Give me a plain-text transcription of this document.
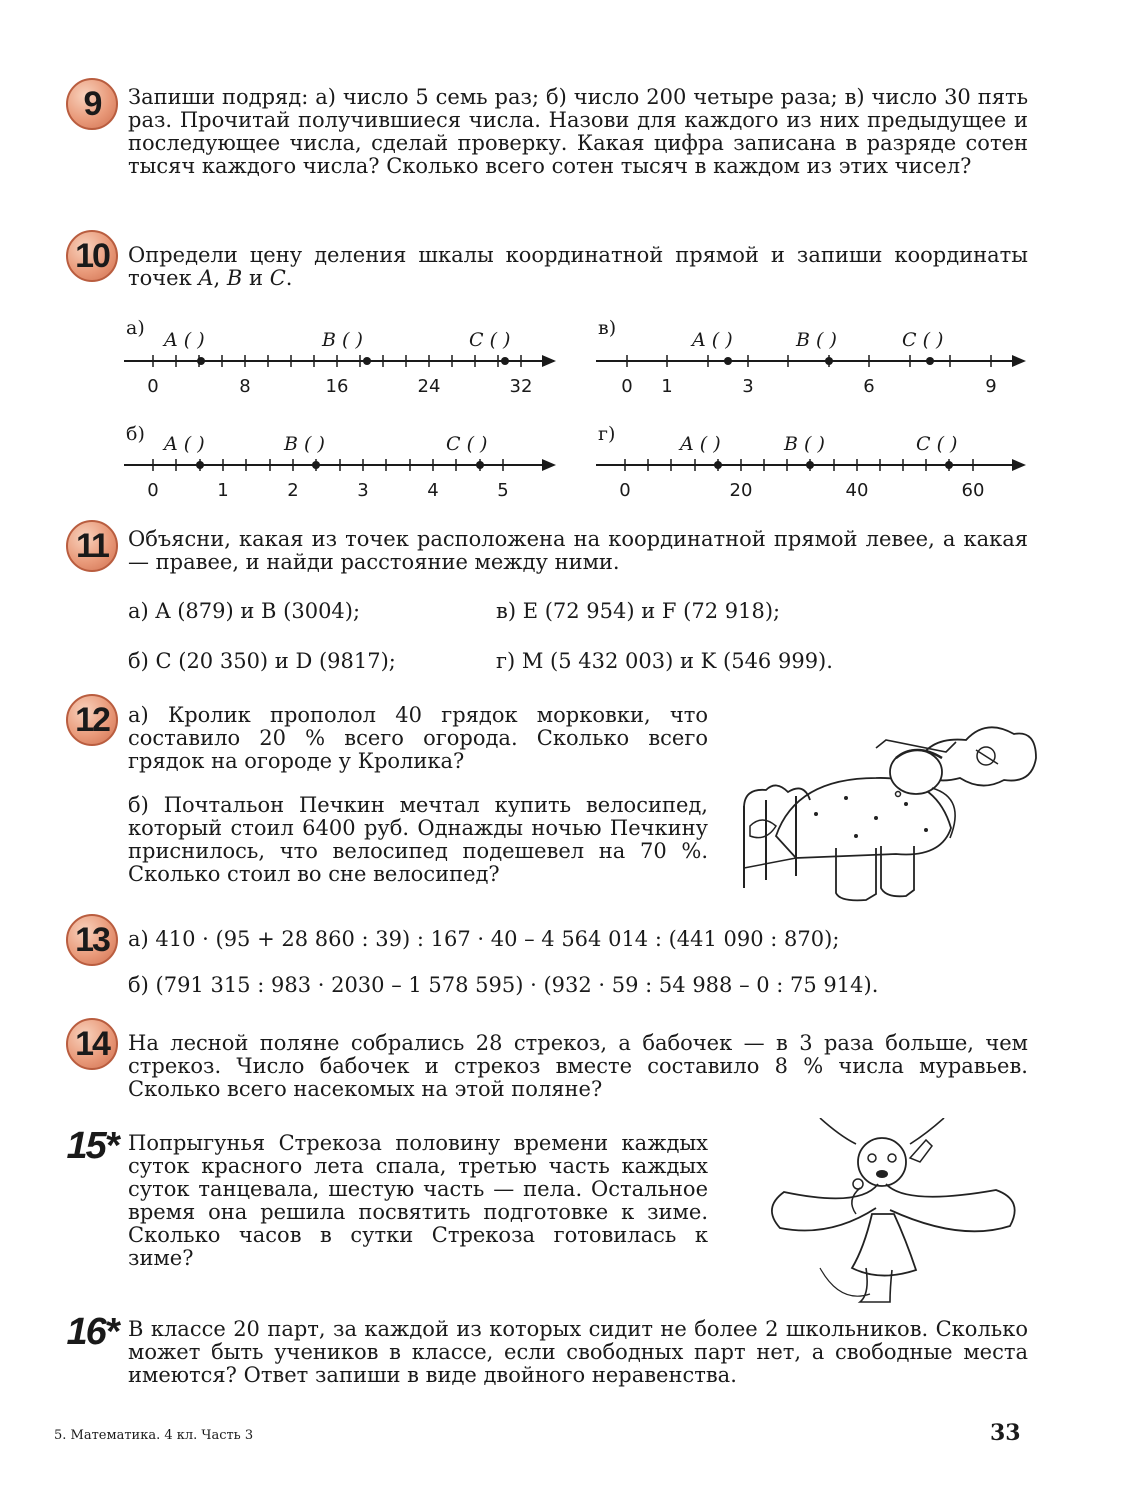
9	Запиши подряд: а) число 5 семь раз; б) число 200 четыре раза; в) число 30 пять раз. Прочитай получившиеся числа. Назови для каждого из них предыдущее и последующее числа, сделай проверку. Какая цифра записана в разряде сотен тысяч каждого числа? Сколько всего сотен тысяч в каждом из этих чисел?
10 Определи цену деления шкалы координатной прямой и запиши координаты точек A, B и C.
а)
A ( )	B ( )	C ( )
0	8	16	24	32
в)
A ( )	B ( )	C ( )
0 1	3	6	9
б) A ( )	B ( )	C ( )
0	1	2	3	4	5
г)	A ( )	B ( )	C ( )
0	20	40	60
11 Объясни, какая из точек расположена на координатной прямой левее, а какая — правее, и найди расстояние между ними.
а) A (879) и B (3004);	в) E (72 954) и F (72 918);
б) C (20 350) и D (9817);	г) M (5 432 003) и K (546 999).
12 а) Кролик прополол 40 грядок морковки, что составило 20 % всего огорода. Сколько всего грядок на огороде у Кролика?
б) Почтальон Печкин мечтал купить велосипед, который стоил 6400 руб. Однажды ночью Печкину приснилось, что велосипед подешевел на 70 %. Сколько стоил во сне велосипед?
13 а) 410 · (95 + 28 860 : 39) : 167 · 40 – 4 564 014 : (441 090 : 870);
б) (791 315 : 983 · 2030 – 1 578 595) · (932 · 59 : 54 988 – 0 : 75 914).
14 На лесной поляне собрались 28 стрекоз, а бабочек — в 3 раза больше, чем стрекоз. Число бабочек и стрекоз вместе составило 8 % числа муравьев. Сколько всего насекомых на этой поляне?
15* Попрыгунья Стрекоза половину времени каждых суток красного лета спала, третью часть каждых суток танцевала, шестую часть — пела. Остальное время она решила посвятить подготовке к зиме. Сколько часов в сутки Стрекоза готовилась к зиме?
16* В классе 20 парт, за каждой из которых сидит не более 2 школьников. Сколько может быть учеников в классе, если свободных парт нет, а свободные места имеются? Ответ запиши в виде двойного неравенства.
5. Математика. 4 кл. Часть 3	33
